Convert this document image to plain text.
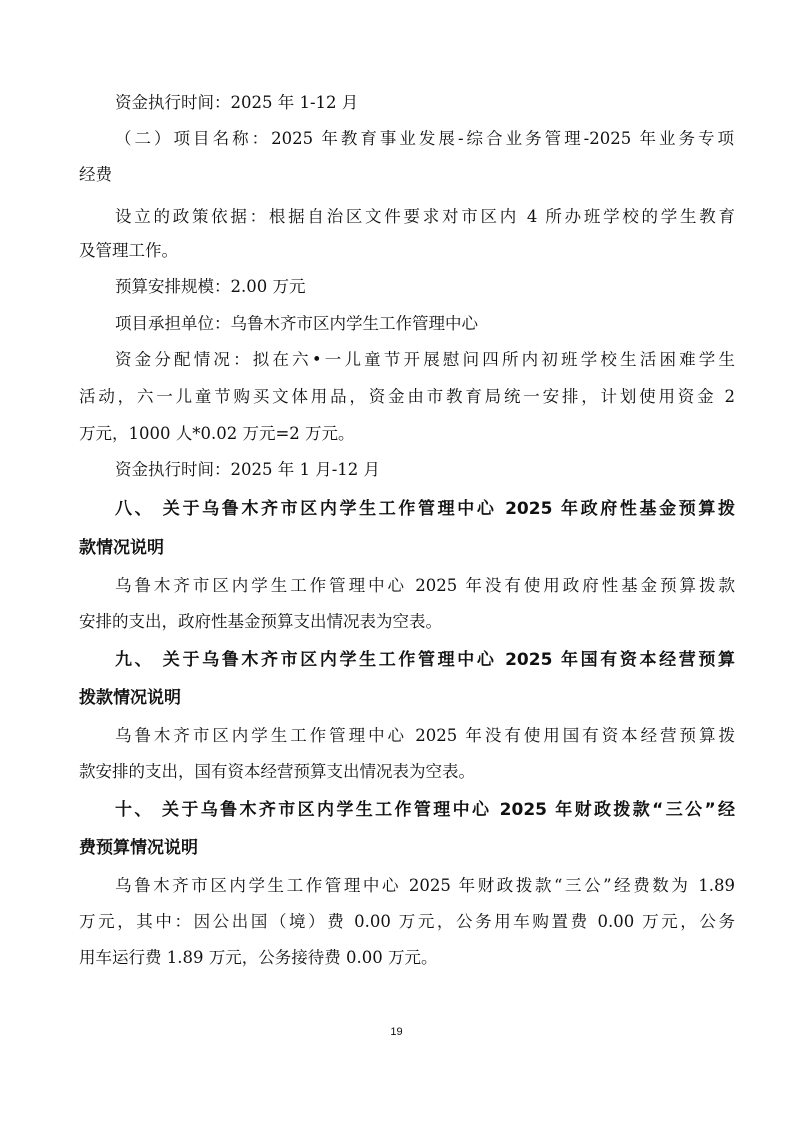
资金执行时间：2025 年 1-12 月
（二）项目名称：2025 年教育事业发展-综合业务管理-2025 年业务专项
经费
设立的政策依据：根据自治区文件要求对市区内 4 所办班学校的学生教育
及管理工作。
预算安排规模：2.00 万元
项目承担单位：乌鲁木齐市区内学生工作管理中心
资金分配情况：拟在六•一儿童节开展慰问四所内初班学校生活困难学生
活动，六一儿童节购买文体用品，资金由市教育局统一安排，计划使用资金 2
万元，1000 人*0.02 万元=2 万元。
资金执行时间：2025 年 1 月-12 月
八、 关于乌鲁木齐市区内学生工作管理中心 2025 年政府性基金预算拨
款情况说明
乌鲁木齐市区内学生工作管理中心 2025 年没有使用政府性基金预算拨款
安排的支出，政府性基金预算支出情况表为空表。
九、 关于乌鲁木齐市区内学生工作管理中心 2025 年国有资本经营预算
拨款情况说明
乌鲁木齐市区内学生工作管理中心 2025 年没有使用国有资本经营预算拨
款安排的支出，国有资本经营预算支出情况表为空表。
十、 关于乌鲁木齐市区内学生工作管理中心 2025 年财政拨款“三公”经
费预算情况说明
乌鲁木齐市区内学生工作管理中心 2025 年财政拨款“三公”经费数为 1.89
万元，其中：因公出国（境）费 0.00 万元，公务用车购置费 0.00 万元，公务
用车运行费 1.89 万元，公务接待费 0.00 万元。
19
